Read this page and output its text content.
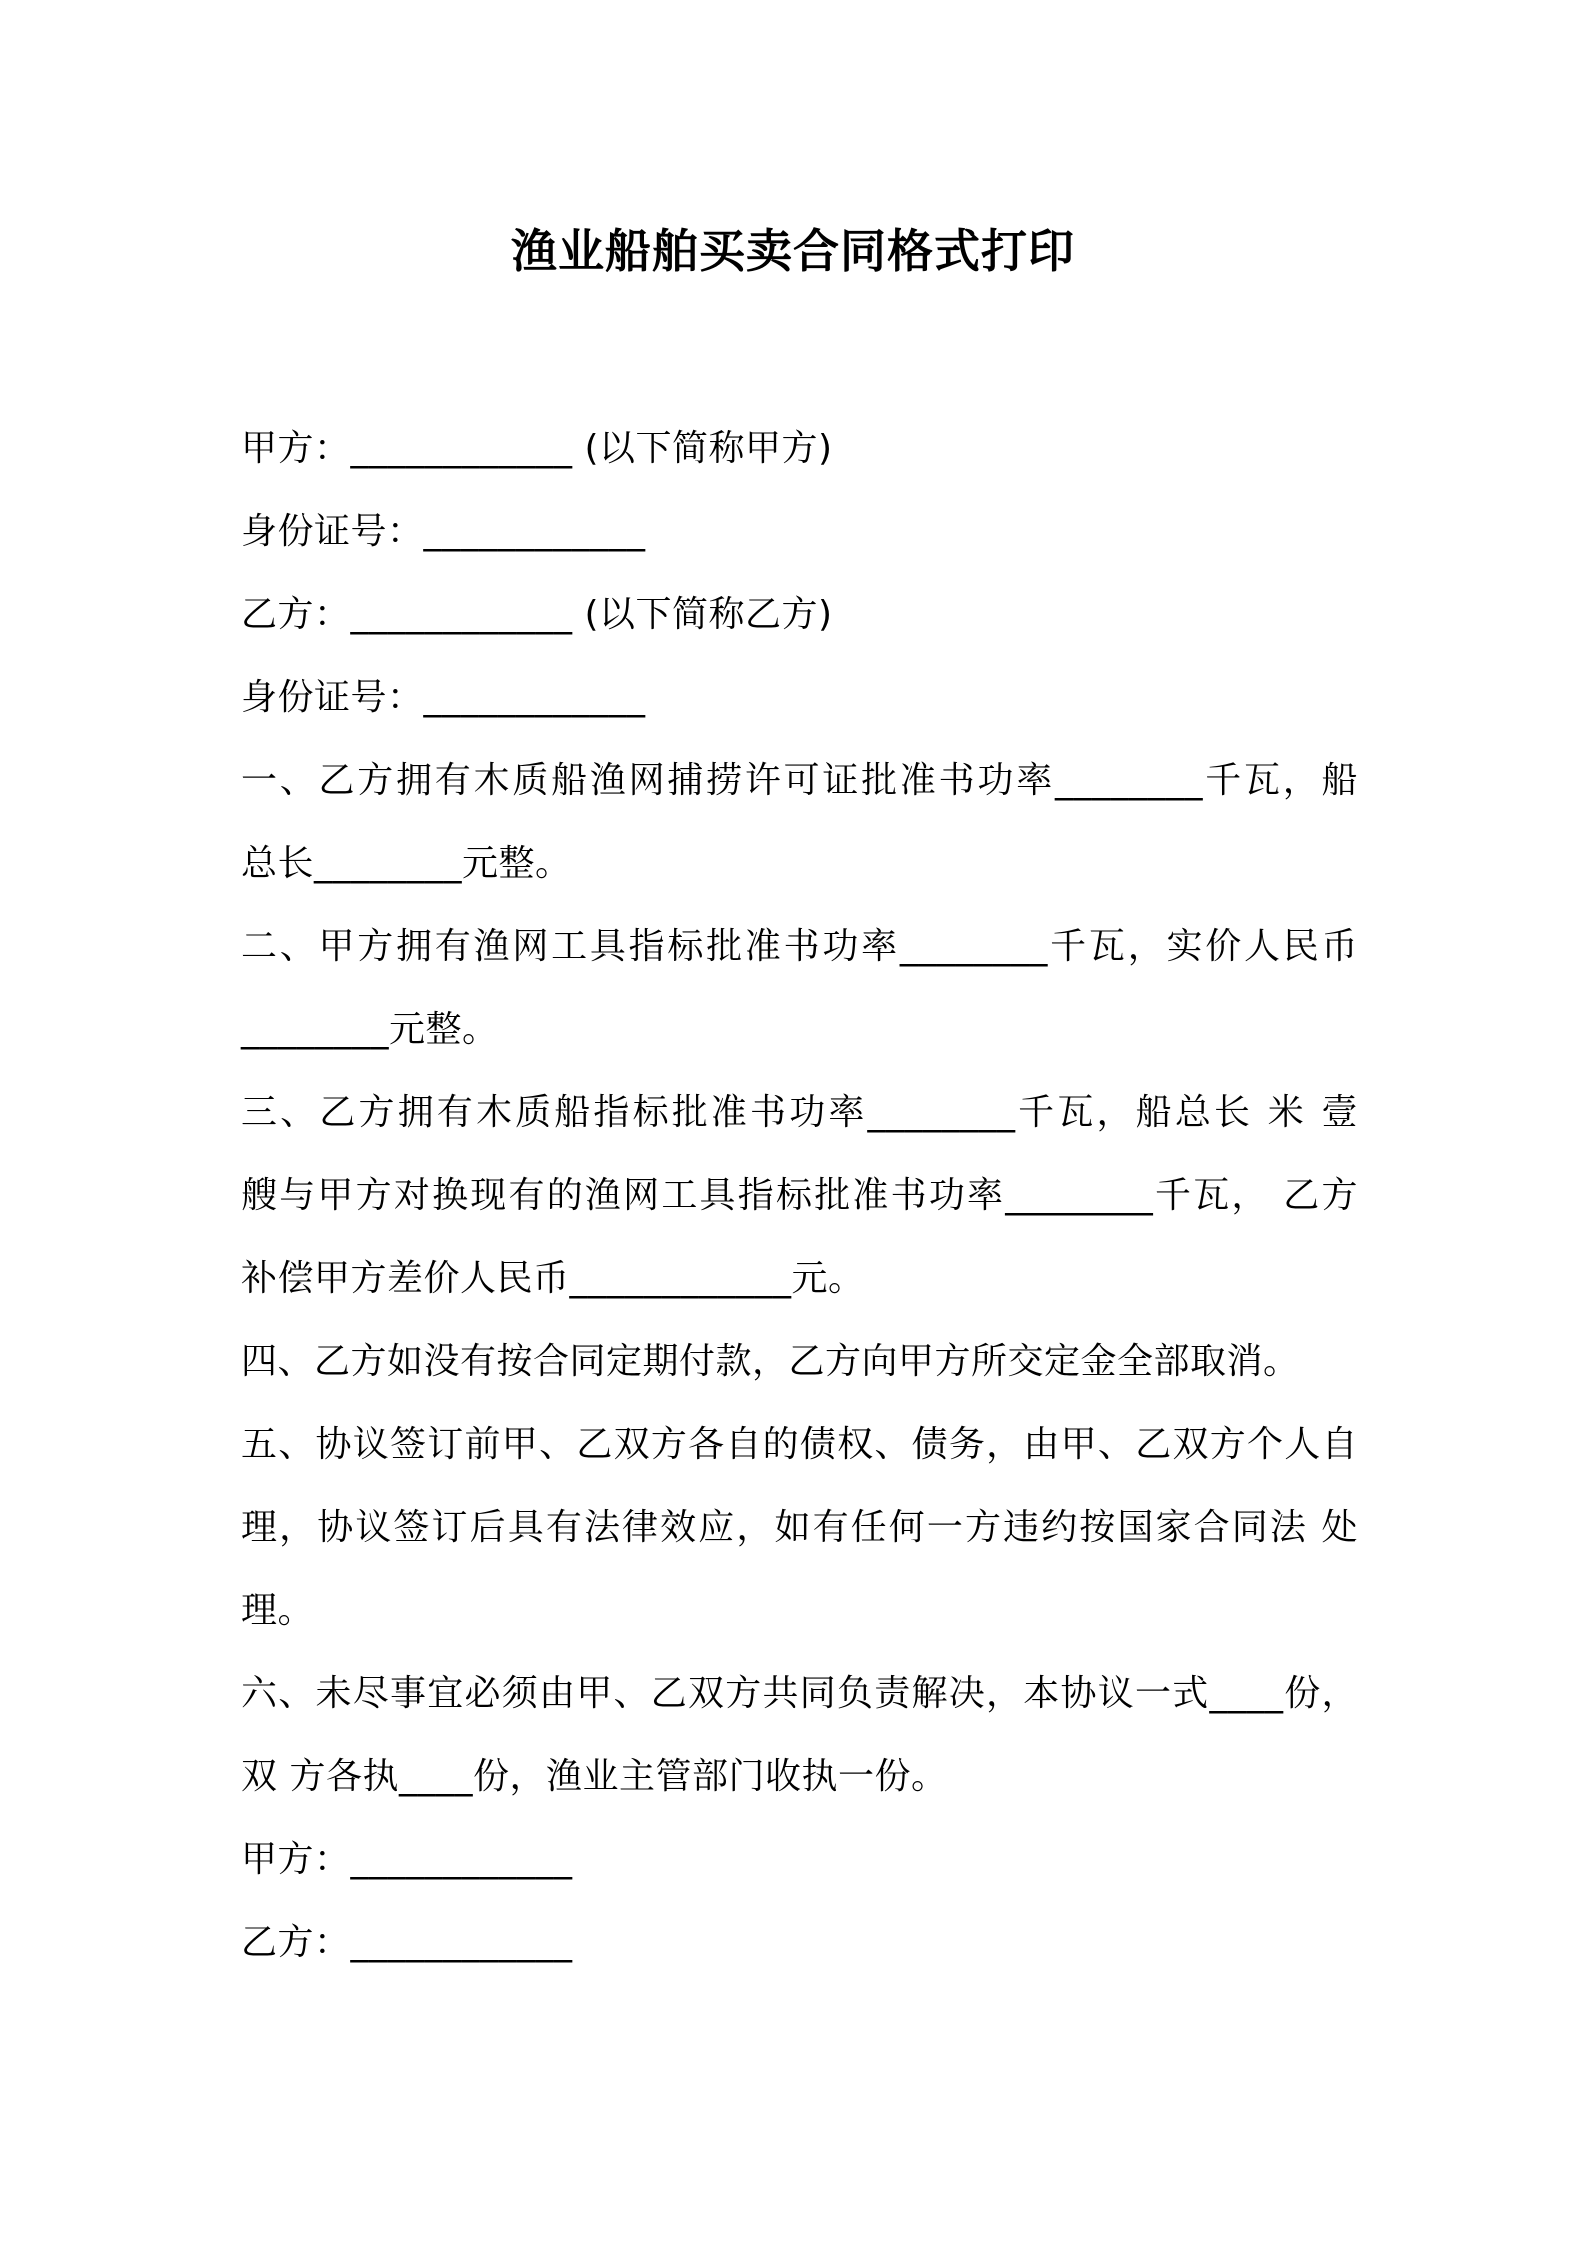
渔业船舶买卖合同格式打印
甲方：____________ (以下简称甲方)
身份证号：____________
乙方：____________ (以下简称乙方)
身份证号：____________
一、乙方拥有木质船渔网捕捞许可证批准书功率________千瓦，船
总长________元整。
二、甲方拥有渔网工具指标批准书功率________千瓦，实价人民币
________元整。
三、乙方拥有木质船指标批准书功率________千瓦，船总长 米 壹
艘与甲方对换现有的渔网工具指标批准书功率________千瓦， 乙方
补偿甲方差价人民币____________元。
四、乙方如没有按合同定期付款，乙方向甲方所交定金全部取消。
五、协议签订前甲、乙双方各自的债权、债务，由甲、乙双方个人自
理，协议签订后具有法律效应，如有任何一方违约按国家合同法 处
理。
六、未尽事宜必须由甲、乙双方共同负责解决，本协议一式____份，
双 方各执____份，渔业主管部门收执一份。
甲方：____________
乙方：____________
